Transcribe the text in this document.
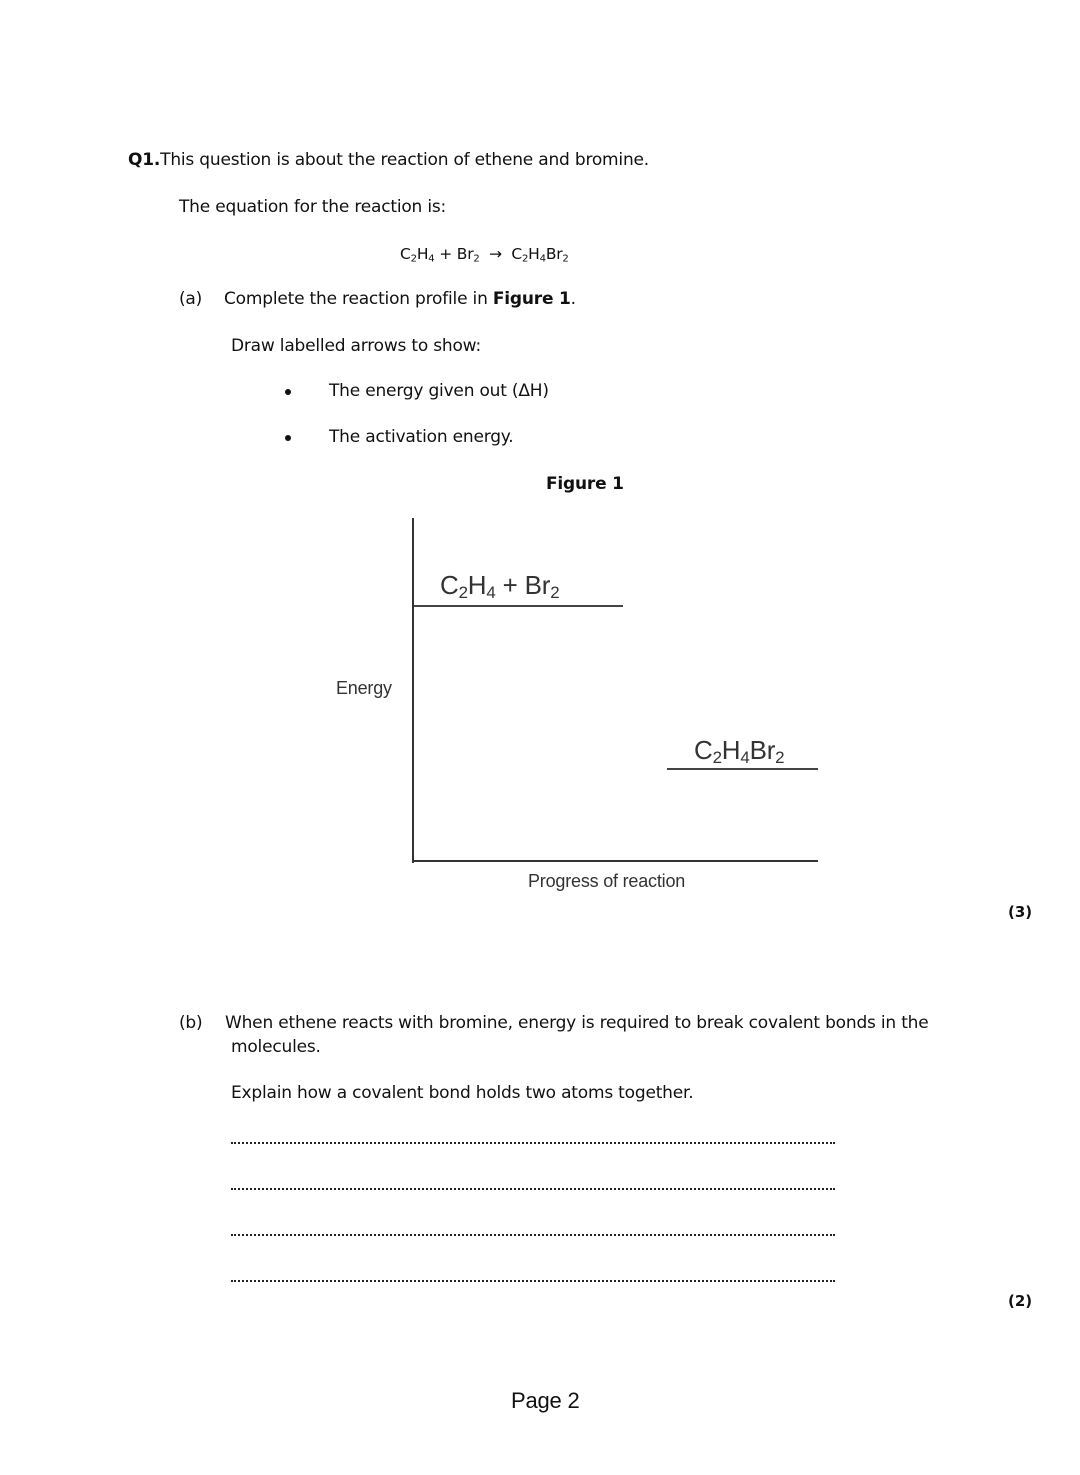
Q1.This question is about the reaction of ethene and bromine.
The equation for the reaction is:
$C_2H_4 + Br_2 \to C_2H_4Br_2$
(a) Complete the reaction profile in Figure 1.
Draw labelled arrows to show:
The energy given out (ΔH)
The activation energy.
Figure 1
$C_2H_4 + Br_2$
$C_2H_4Br_2$
Energy
Progress of reaction
(3)
(b) When ethene reacts with bromine, energy is required to break covalent bonds in the
molecules.
Explain how a covalent bond holds two atoms together.
(2)
Page 2
